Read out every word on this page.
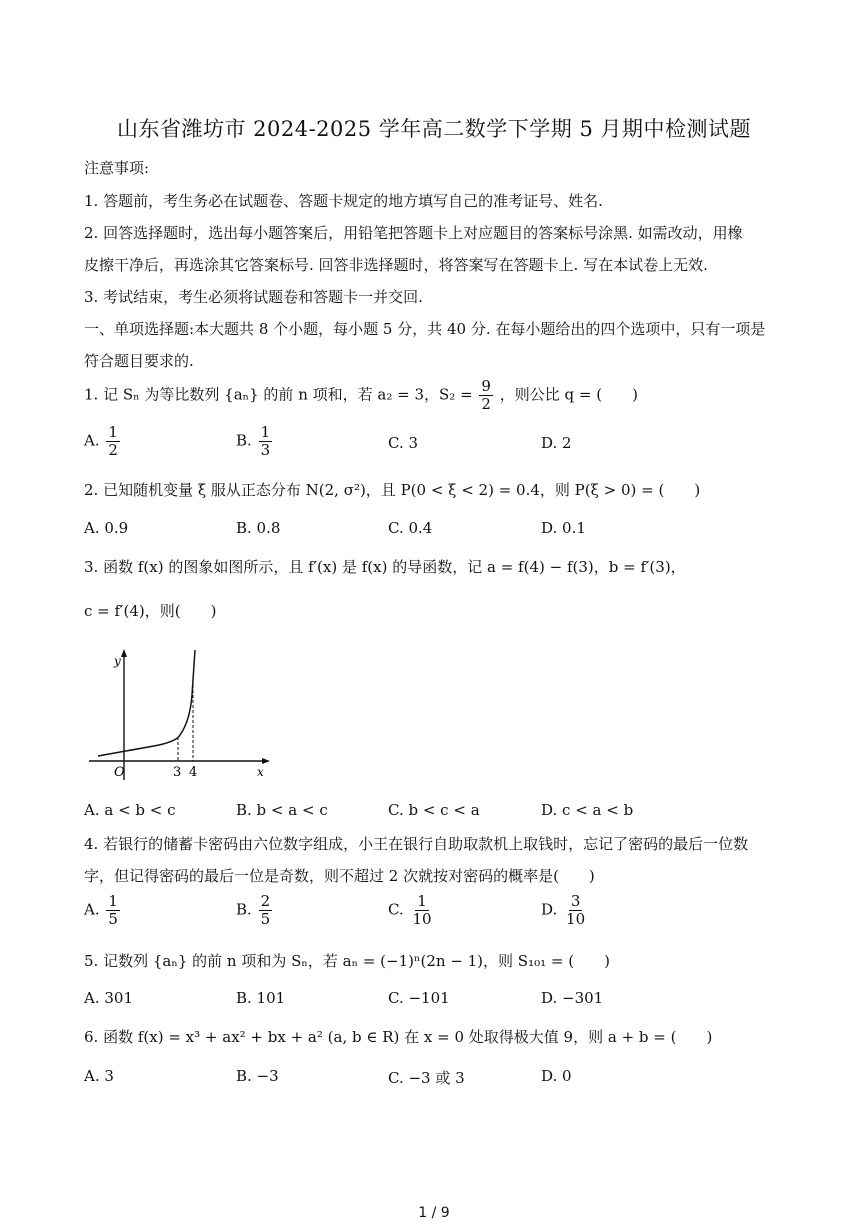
山东省潍坊市 2024-2025 学年高二数学下学期 5 月期中检测试题
注意事项:
1. 答题前，考生务必在试题卷、答题卡规定的地方填写自己的准考证号、姓名.
2. 回答选择题时，选出每小题答案后，用铅笔把答题卡上对应题目的答案标号涂黑. 如需改动，用橡
皮擦干净后，再选涂其它答案标号. 回答非选择题时，将答案写在答题卡上. 写在本试卷上无效.
3. 考试结束，考生必须将试题卷和答题卡一并交回.
一、单项选择题:本大题共 8 个小题，每小题 5 分，共 40 分. 在每小题给出的四个选项中，只有一项是
符合题目要求的.
1. 记 Sₙ 为等比数列 {aₙ} 的前 n 项和，若 a₂ = 3，$S_2 = \frac{9}{2}$ ，则公比 q = (　　)
A. $\frac{1}{2}$	B. $\frac{1}{3}$	C. 3	D. 2
2. 已知随机变量 ξ 服从正态分布 N(2, σ²)，且 P(0 < ξ < 2) = 0.4，则 P(ξ > 0) = (　　)
A. 0.9	B. 0.8	C. 0.4	D. 0.1
3. 函数 f(x) 的图象如图所示，且 f′(x) 是 f(x) 的导函数，记 a = f(4) − f(3)，b = f′(3)，
c = f′(4)，则(　　)
y
x
O	3 4
A. a < b < c	B. b < a < c	C. b < c < a	D. c < a < b
4. 若银行的储蓄卡密码由六位数字组成，小王在银行自助取款机上取钱时，忘记了密码的最后一位数
字，但记得密码的最后一位是奇数，则不超过 2 次就按对密码的概率是(　　)
A. $\frac{1}{5}$	B. $\frac{2}{5}$	C. $\frac{1}{10}$	D. $\frac{3}{10}$
5. 记数列 {aₙ} 的前 n 项和为 Sₙ，若 aₙ = (−1)ⁿ(2n − 1)，则 S₁₀₁ = (　　)
A. 301	B. 101	C. −101	D. −301
6. 函数 f(x) = x³ + ax² + bx + a² (a, b ∈ R) 在 x = 0 处取得极大值 9，则 a + b = (　　)
A. 3	B. −3	C. −3 或 3	D. 0
1 / 9
